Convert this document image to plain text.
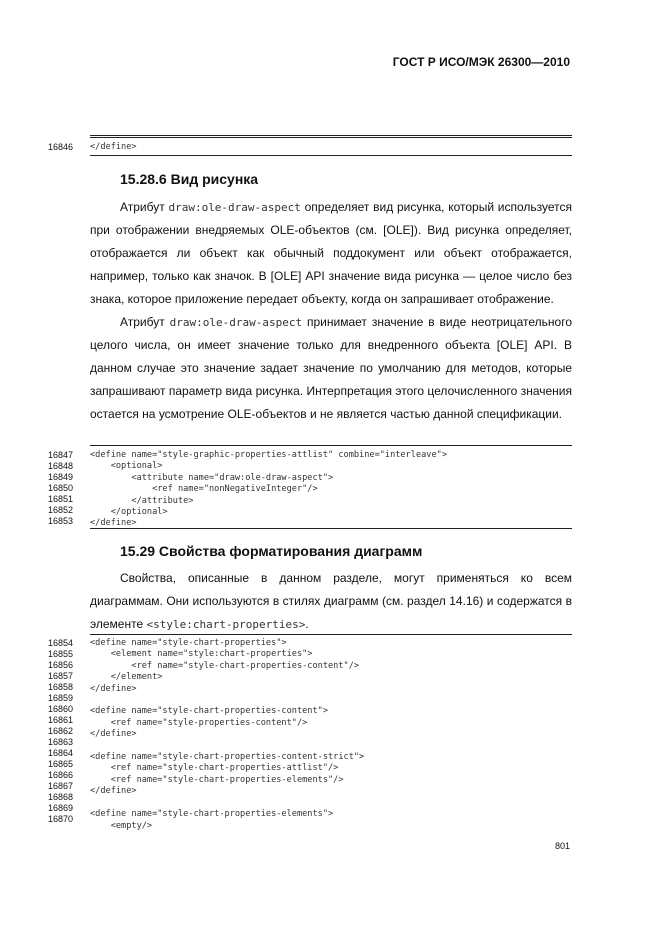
ГОСТ Р ИСО/МЭК 26300—2010
16846	</define>
15.28.6 Вид рисунка

Атрибут draw:ole-draw-aspect определяет вид рисунка, который используется при отображении внедряемых OLE-объектов (см. [OLE]). Вид рисунка определяет, отображается ли объект как обычный поддокумент или объект отображается, например, только как значок. В [OLE] API значение вида рисунка — целое число без знака, которое приложение передает объекту, когда он запрашивает отображение.

Атрибут draw:ole-draw-aspect принимает значение в виде неотрицательного целого числа, он имеет значение только для внедренного объекта [OLE] API. В данном случае это значение задает значение по умолчанию для методов, которые запрашивают параметр вида рисунка. Интерпретация этого целочисленного значения остается на усмотрение OLE-объектов и не является частью данной спецификации.

16847
16848
16849
16850
16851
16852
16853
<define name="style-graphic-properties-attlist" combine="interleave">
<optional>
<attribute name="draw:ole-draw-aspect">
<ref name="nonNegativeInteger"/>
</attribute>
</optional>
</define>
15.29 Свойства форматирования диаграмм

Свойства, описанные в данном разделе, могут применяться ко всем диаграммам. Они используются в стилях диаграмм (см. раздел 14.16) и содержатся в элементе <style:chart-properties>.

16854
16855
16856
16857
16858
16859
16860
16861
16862
16863
16864
16865
16866
16867
16868
16869
16870
<define name="style-chart-properties">
<element name="style:chart-properties">
<ref name="style-chart-properties-content"/>
</element>
</define>

<define name="style-chart-properties-content">
<ref name="style-properties-content"/>
</define>

<define name="style-chart-properties-content-strict">
<ref name="style-chart-properties-attlist"/>
<ref name="style-chart-properties-elements"/>
</define>

<define name="style-chart-properties-elements">
<empty/>
801
